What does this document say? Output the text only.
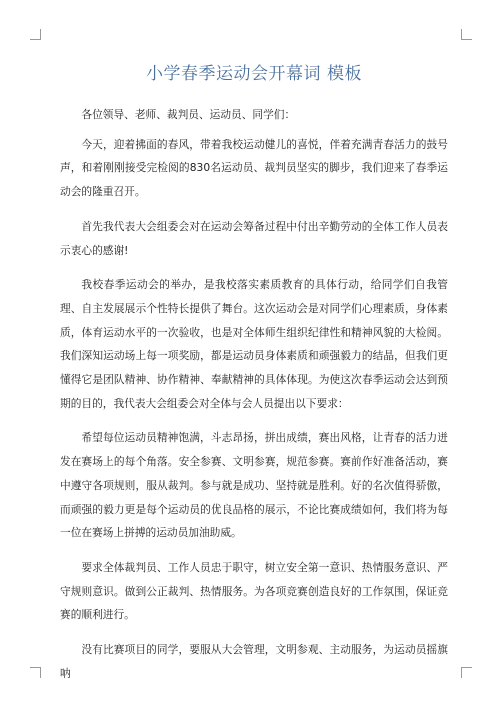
小学春季运动会开幕词 模板

各位领导、老师、裁判员、运动员、同学们：

今天，迎着拂面的春风，带着我校运动健儿的喜悦，伴着充满青春活力的鼓号声，和着刚刚接受完检阅的830名运动员、裁判员坚实的脚步，我们迎来了春季运动会的隆重召开。

首先我代表大会组委会对在运动会筹备过程中付出辛勤劳动的全体工作人员表示衷心的感谢!

我校春季运动会的举办，是我校落实素质教育的具体行动，给同学们自我管理、自主发展展示个性特长提供了舞台。这次运动会是对同学们心理素质，身体素质，体育运动水平的一次验收，也是对全体师生组织纪律性和精神风貌的大检阅。我们深知运动场上每一项奖励，都是运动员身体素质和顽强毅力的结晶，但我们更懂得它是团队精神、协作精神、奉献精神的具体体现。为使这次春季运动会达到预期的目的，我代表大会组委会对全体与会人员提出以下要求：

希望每位运动员精神饱满，斗志昂扬，拼出成绩，赛出风格，让青春的活力迸发在赛场上的每个角落。安全参赛、文明参赛，规范参赛。赛前作好准备活动，赛中遵守各项规则，服从裁判。参与就是成功、坚持就是胜利。好的名次值得骄傲，而顽强的毅力更是每个运动员的优良品格的展示，不论比赛成绩如何，我们将为每一位在赛场上拼搏的运动员加油助威。

要求全体裁判员、工作人员忠于职守，树立安全第一意识、热情服务意识、严守规则意识。做到公正裁判、热情服务。为各项竞赛创造良好的工作氛围，保证竞赛的顺利进行。

没有比赛项目的同学，要服从大会管理，文明参观、主动服务，为运动员摇旗呐
